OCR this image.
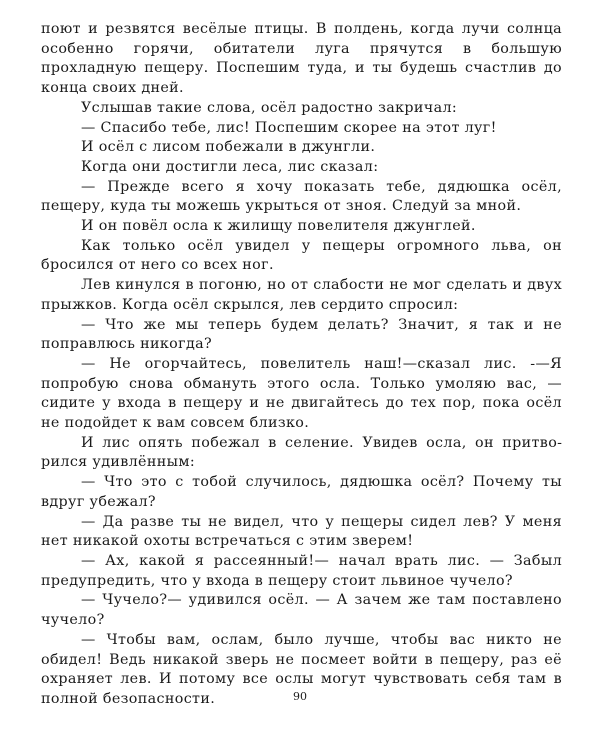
поют и резвятся весёлые птицы. В полдень, когда лучи солнца особенно горячи, обитатели луга прячутся в большую прохладную пещеру. Поспешим туда, и ты будешь счастлив до конца своих дней.

Услышав такие слова, осёл радостно закричал:

— Спасибо тебе, лис! Поспешим скорее на этот луг!

И осёл с лисом побежали в джунгли.

Когда они достигли леса, лис сказал:

— Прежде всего я хочу показать тебе, дядюшка осёл, пещеру, куда ты можешь укрыться от зноя. Следуй за мной.

И он повёл осла к жилищу повелителя джунглей.

Как только осёл увидел у пещеры огромного льва, он бросился от него со всех ног.

Лев кинулся в погоню, но от слабости не мог сделать и двух прыжков. Когда осёл скрылся, лев сердито спросил:

— Что же мы теперь будем делать? Значит, я так и не поправлюсь никогда?

— Не огорчайтесь, повелитель наш!—сказал лис. -—Я попробую снова обмануть этого осла. Только умоляю вас, — сидите у входа в пещеру и не двигайтесь до тех пор, пока осёл не подойдет к вам совсем близко.

И лис опять побежал в селение. Увидев осла, он притворился удивлённым:

— Что это с тобой случилось, дядюшка осёл? Почему ты вдруг убежал?

— Да разве ты не видел, что у пещеры сидел лев? У меня нет никакой охоты встречаться с этим зверем!

— Ах, какой я рассеянный!— начал врать лис. — Забыл предупредить, что у входа в пещеру стоит львиное чучело?

— Чучело?— удивился осёл. — А зачем же там поставлено чучело?

— Чтобы вам, ослам, было лучше, чтобы вас никто не обидел! Ведь никакой зверь не посмеет войти в пещеру, раз её охраняет лев. И потому все ослы могут чувствовать себя там в полной безопасности.	90
